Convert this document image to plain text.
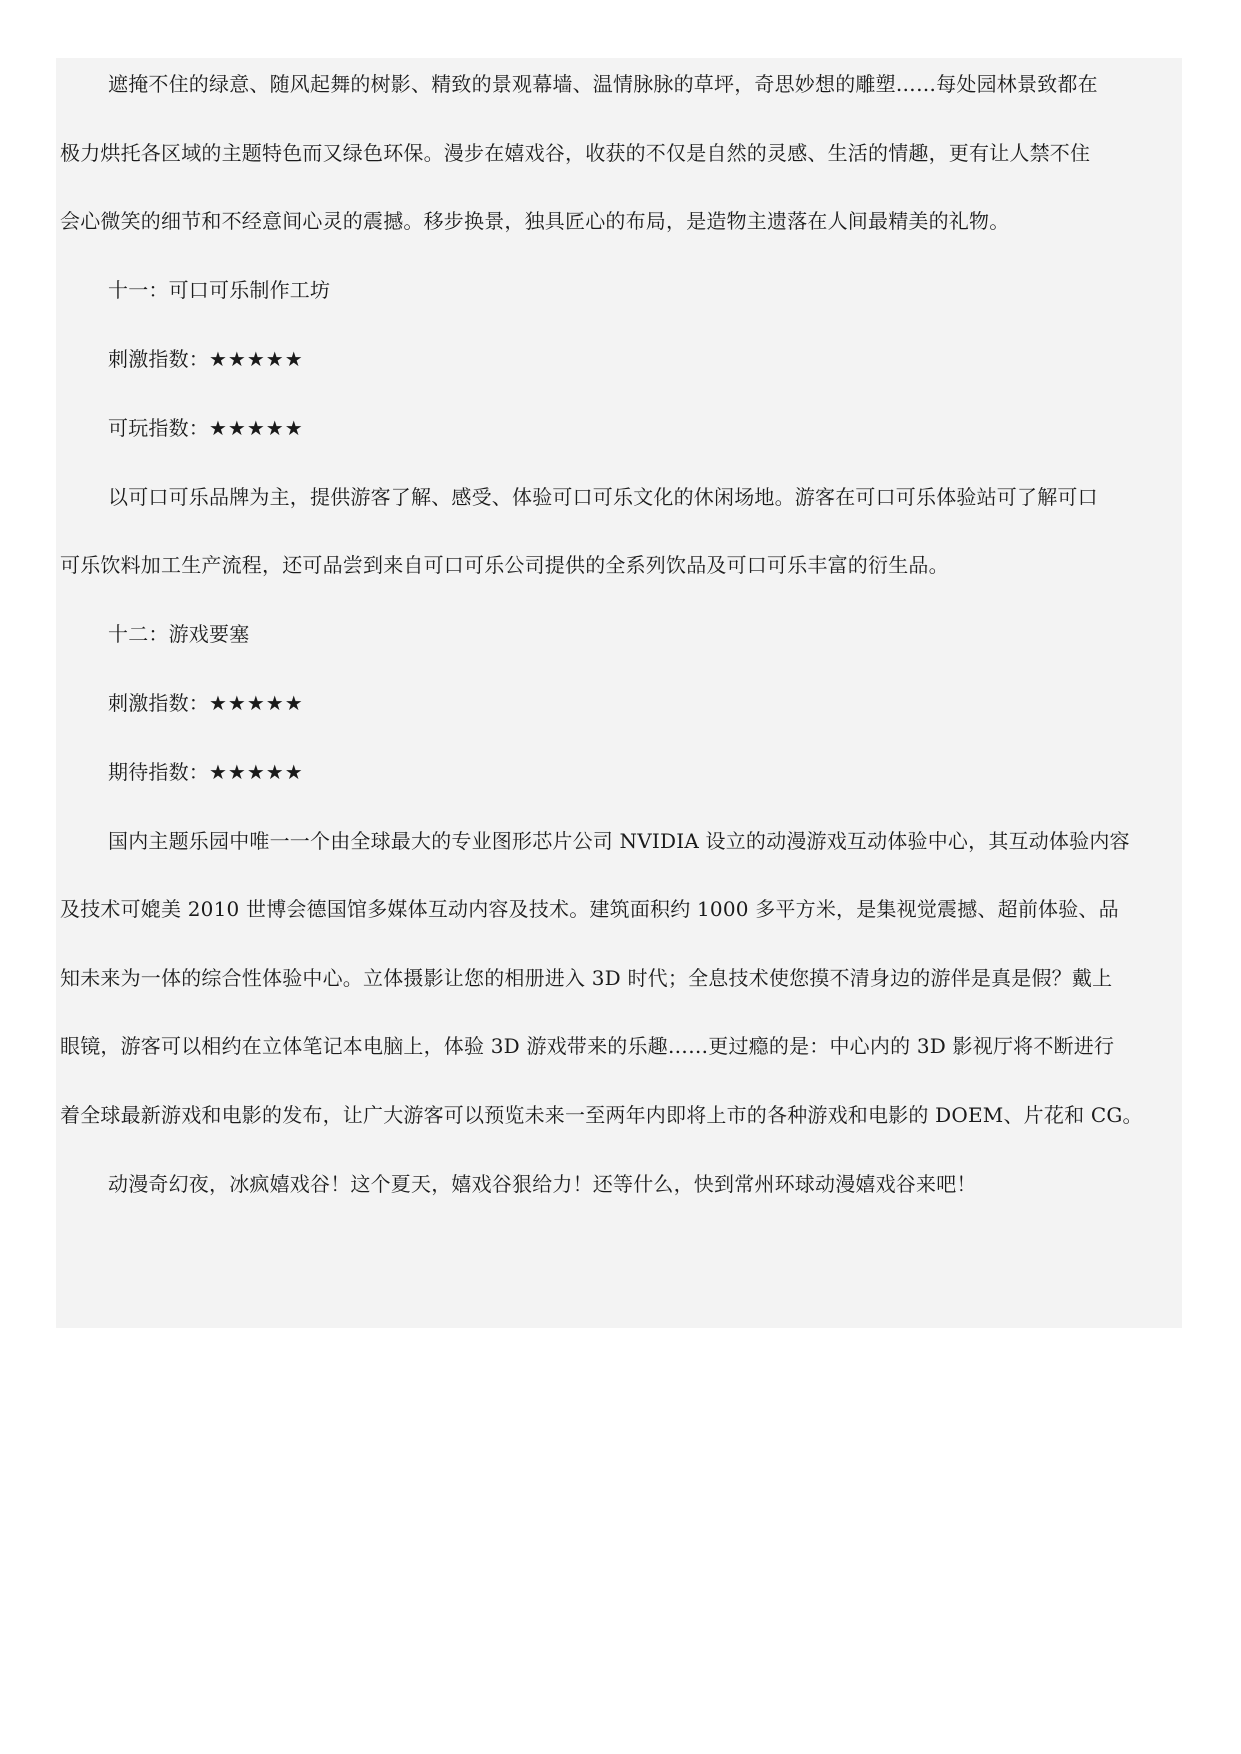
遮掩不住的绿意、随风起舞的树影、精致的景观幕墙、温情脉脉的草坪，奇思妙想的雕塑……每处园林景致都在
极力烘托各区域的主题特色而又绿色环保。漫步在嬉戏谷，收获的不仅是自然的灵感、生活的情趣，更有让人禁不住
会心微笑的细节和不经意间心灵的震撼。移步换景，独具匠心的布局，是造物主遗落在人间最精美的礼物。
十一：可口可乐制作工坊
刺激指数：★★★★★
可玩指数：★★★★★
以可口可乐品牌为主，提供游客了解、感受、体验可口可乐文化的休闲场地。游客在可口可乐体验站可了解可口
可乐饮料加工生产流程，还可品尝到来自可口可乐公司提供的全系列饮品及可口可乐丰富的衍生品。
十二：游戏要塞
刺激指数：★★★★★
期待指数：★★★★★
国内主题乐园中唯一一个由全球最大的专业图形芯片公司 NVIDIA 设立的动漫游戏互动体验中心，其互动体验内容
及技术可媲美 2010 世博会德国馆多媒体互动内容及技术。建筑面积约 1000 多平方米，是集视觉震撼、超前体验、品
知未来为一体的综合性体验中心。立体摄影让您的相册进入 3D 时代；全息技术使您摸不清身边的游伴是真是假？戴上
眼镜，游客可以相约在立体笔记本电脑上，体验 3D 游戏带来的乐趣……更过瘾的是：中心内的 3D 影视厅将不断进行
着全球最新游戏和电影的发布，让广大游客可以预览未来一至两年内即将上市的各种游戏和电影的 DOEM、片花和 CG。
动漫奇幻夜，冰疯嬉戏谷！这个夏天，嬉戏谷狠给力！还等什么，快到常州环球动漫嬉戏谷来吧！
